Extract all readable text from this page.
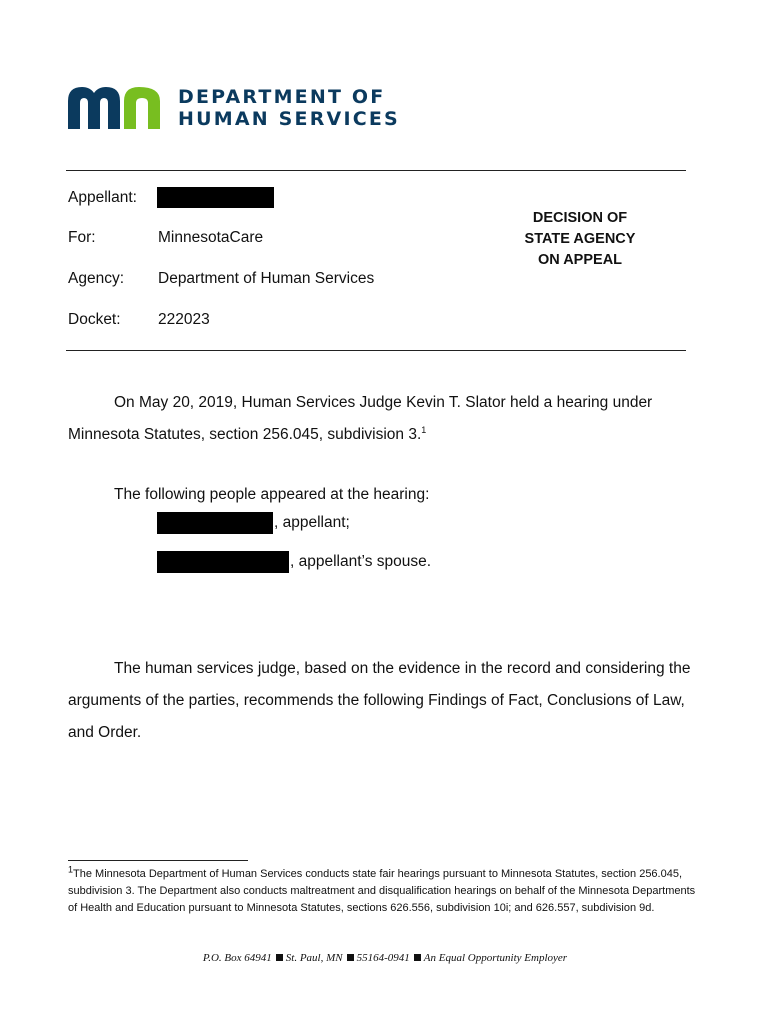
DEPARTMENT OF
HUMAN SERVICES
Appellant:
For:	MinnesotaCare
Agency: Department of Human Services
Docket: 222023
DECISION OF
STATE AGENCY
ON APPEAL
On May 20, 2019, Human Services Judge Kevin T. Slator held a hearing under Minnesota Statutes, section 256.045, subdivision 3.$^1$
The following people appeared at the hearing:
, appellant;
, appellant’s spouse.
The human services judge, based on the evidence in the record and considering the arguments of the parties, recommends the following Findings of Fact, Conclusions of Law, and Order.
$^1$The Minnesota Department of Human Services conducts state fair hearings pursuant to Minnesota Statutes, section 256.045, subdivision 3. The Department also conducts maltreatment and disqualification hearings on behalf of the Minnesota Departments of Health and Education pursuant to Minnesota Statutes, sections 626.556, subdivision 10i; and 626.557, subdivision 9d.
P.O. Box 64941 St. Paul, MN 55164-0941 An Equal Opportunity Employer
